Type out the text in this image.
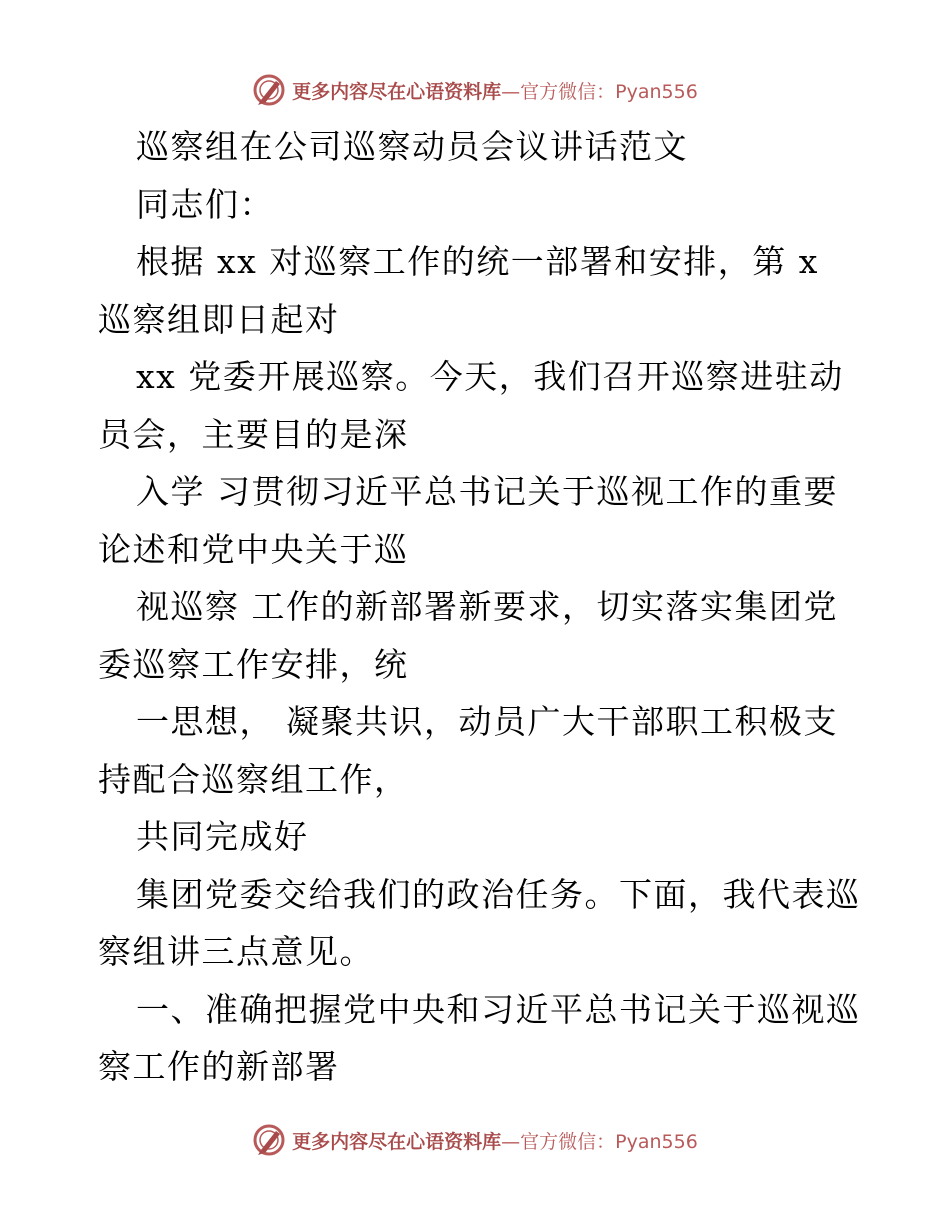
更多内容尽在心语资料库—官方微信：Pyan556
巡察组在公司巡察动员会议讲话范文
同志们：
根据 xx 对巡察工作的统一部署和安排，第 x
巡察组即日起对
xx 党委开展巡察。今天，我们召开巡察进驻动
员会，主要目的是深
入学 习贯彻习近平总书记关于巡视工作的重要
论述和党中央关于巡
视巡察 工作的新部署新要求，切实落实集团党
委巡察工作安排，统
一思想， 凝聚共识，动员广大干部职工积极支
持配合巡察组工作，
共同完成好
集团党委交给我们的政治任务。下面，我代表巡
察组讲三点意见。
一、准确把握党中央和习近平总书记关于巡视巡
察工作的新部署
更多内容尽在心语资料库—官方微信：Pyan556
